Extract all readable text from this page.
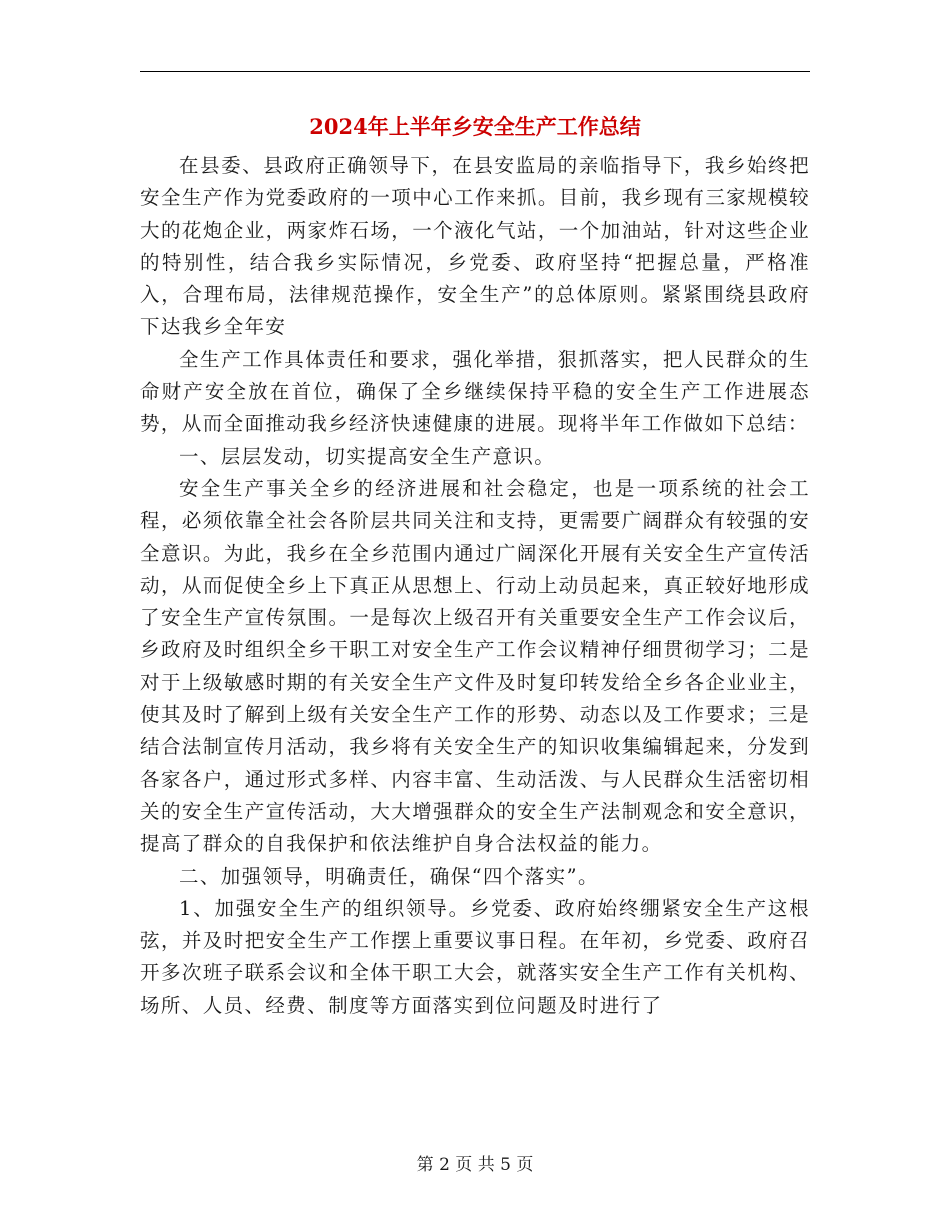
2024年上半年乡安全生产工作总结

在县委、县政府正确领导下，在县安监局的亲临指导下，我乡始终把安全生产作为党委政府的一项中心工作来抓。目前，我乡现有三家规模较大的花炮企业，两家炸石场，一个液化气站，一个加油站，针对这些企业的特别性，结合我乡实际情况，乡党委、政府坚持“把握总量，严格准入，合理布局，法律规范操作，安全生产”的总体原则。紧紧围绕县政府下达我乡全年安

全生产工作具体责任和要求，强化举措，狠抓落实，把人民群众的生命财产安全放在首位，确保了全乡继续保持平稳的安全生产工作进展态势，从而全面推动我乡经济快速健康的进展。现将半年工作做如下总结：

一、层层发动，切实提高安全生产意识。

安全生产事关全乡的经济进展和社会稳定，也是一项系统的社会工程，必须依靠全社会各阶层共同关注和支持，更需要广阔群众有较强的安全意识。为此，我乡在全乡范围内通过广阔深化开展有关安全生产宣传活动，从而促使全乡上下真正从思想上、行动上动员起来，真正较好地形成了安全生产宣传氛围。一是每次上级召开有关重要安全生产工作会议后，乡政府及时组织全乡干职工对安全生产工作会议精神仔细贯彻学习；二是对于上级敏感时期的有关安全生产文件及时复印转发给全乡各企业业主，使其及时了解到上级有关安全生产工作的形势、动态以及工作要求；三是结合法制宣传月活动，我乡将有关安全生产的知识收集编辑起来，分发到各家各户，通过形式多样、内容丰富、生动活泼、与人民群众生活密切相关的安全生产宣传活动，大大增强群众的安全生产法制观念和安全意识，提高了群众的自我保护和依法维护自身合法权益的能力。

二、加强领导，明确责任，确保“四个落实”。

1、加强安全生产的组织领导。乡党委、政府始终绷紧安全生产这根弦，并及时把安全生产工作摆上重要议事日程。在年初，乡党委、政府召开多次班子联系会议和全体干职工大会，就落实安全生产工作有关机构、场所、人员、经费、制度等方面落实到位问题及时进行了

第 2 页 共 5 页
